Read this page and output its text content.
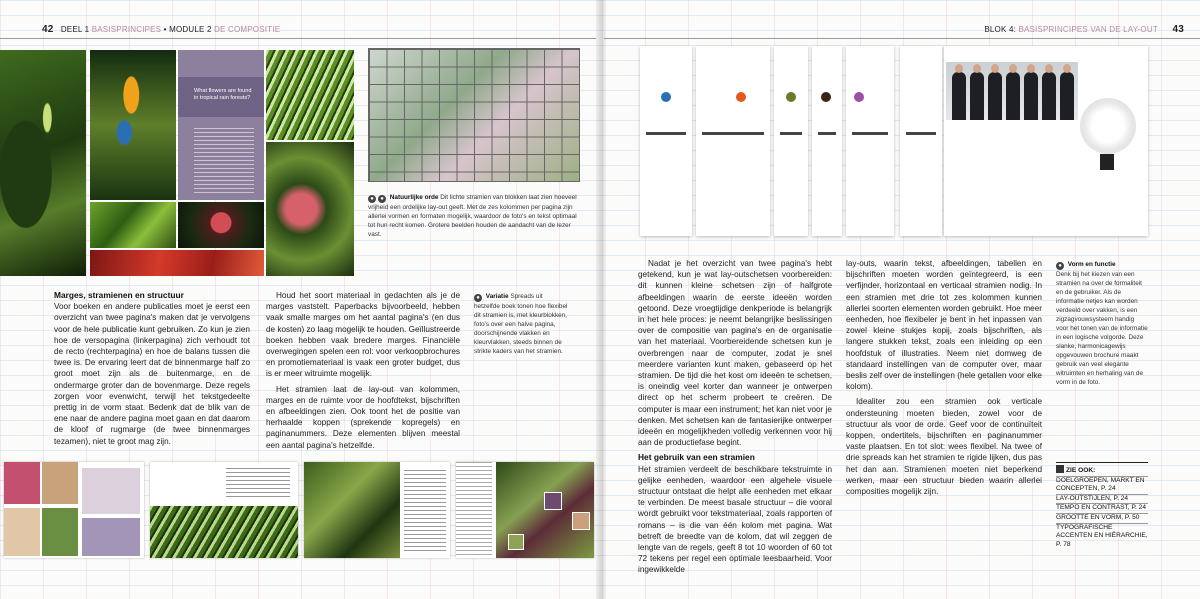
42 DEEL 1 BASISPRINCIPES • MODULE 2 DE COMPOSITIE
What flowers are found in tropical rain forests?
● ● Natuurlijke orde Dit lichte stramien van blokken laat zien hoeveel vrijheid een ordelijke lay-out geeft. Met de zes kolommen per pagina zijn allerlei vormen en formaten mogelijk, waardoor de foto's en tekst optimaal tot hun recht komen. Grotere beelden houden de aandacht van de lezer vast.
Marges, stramienen en structuur

Voor boeken en andere publicaties moet je eerst een overzicht van twee pagina's maken dat je vervolgens voor de hele publicatie kunt gebruiken. Zo kun je zien hoe de versopagina (linkerpagina) zich verhoudt tot de recto (rechterpagina) en hoe de balans tussen die twee is. De ervaring leert dat de binnenmarge half zo groot moet zijn als de buitenmarge, en de ondermarge groter dan de bovenmarge. Deze regels zorgen voor evenwicht, terwijl het tekstgedeelte prettig in de vorm staat. Bedenk dat de blik van de ene naar de andere pagina moet gaan en dat daarom de kloof of rugmarge (de twee binnenmarges tezamen), niet te groot mag zijn.

Houd het soort materiaal in gedachten als je de marges vaststelt. Paperbacks bijvoorbeeld, hebben vaak smalle marges om het aantal pagina's (en dus de kosten) zo laag mogelijk te houden. Geïllustreerde boeken hebben vaak bredere marges. Financiële overwegingen spelen een rol: voor verkoopbrochures en promotiemateriaal is vaak een groter budget, dus is er meer witruimte mogelijk.

Het stramien laat de lay-out van kolommen, marges en de ruimte voor de hoofdtekst, bijschriften en afbeeldingen zien. Ook toont het de positie van herhaalde koppen (sprekende kopregels) en paginanummers. Deze elementen blijven meestal een aantal pagina's hetzelfde.

● Variatie Spreads uit hetzelfde boek tonen hoe flexibel dit stramien is, met kleurblokken, foto's over een halve pagina, doorschijnende vlakken en kleurvlakken, steeds binnen de strikte kaders van het stramien.
BLOK 4: BASISPRINCIPES VAN DE LAY-OUT 43

Nadat je het overzicht van twee pagina's hebt getekend, kun je wat lay-outschetsen voorbereiden: dit kunnen kleine schetsen zijn of halfgrote afbeeldingen waarin de eerste ideeën worden getoond. Deze vroegtijdige denkperiode is belangrijk in het hele proces: je neemt belangrijke beslissingen over de compositie van pagina's en de organisatie van het materiaal. Voorbereidende schetsen kun je overbrengen naar de computer, zodat je snel meerdere varianten kunt maken, gebaseerd op het stramien. De tijd die het kost om ideeën te schetsen, is oneindig veel korter dan wanneer je ontwerpen direct op het scherm probeert te creëren. De computer is maar een instrument; het kan niet voor je denken. Met schetsen kan de fantasierijke ontwerper ideeën en mogelijkheden volledig verkennen voor hij aan de productiefase begint.

Het gebruik van een stramien

Het stramien verdeelt de beschikbare tekstruimte in gelijke eenheden, waardoor een algehele visuele structuur ontstaat die helpt alle eenheden met elkaar te verbinden. De meest basale structuur – die vooral wordt gebruikt voor tekstmateriaal, zoals rapporten of romans – is die van één kolom met pagina. Wat betreft de breedte van de kolom, dat wil zeggen de lengte van de regels, geeft 8 tot 10 woorden of 60 tot 72 tekens per regel een optimale leesbaarheid. Voor ingewikkelde

lay-outs, waarin tekst, afbeeldingen, tabellen en bijschriften moeten worden geïntegreerd, is een verfijnder, horizontaal en verticaal stramien nodig. In een stramien met drie tot zes kolommen kunnen allerlei soorten elementen worden gebruikt. Hoe meer eenheden, hoe flexibeler je bent in het inpassen van zowel kleine stukjes kopij, zoals bijschriften, als langere stukken tekst, zoals een inleiding op een hoofdstuk of illustraties. Neem niet domweg de standaard instellingen van de computer over, maar beslis zelf over de instellingen (hele getallen voor elke kolom).

Idealiter zou een stramien ook verticale ondersteuning moeten bieden, zowel voor de structuur als voor de orde. Geef voor de continuïteit koppen, ondertitels, bijschriften en paginanummer vaste plaatsen. En tot slot: wees flexibel. Na twee of drie spreads kan het stramien te rigide lijken, dus pas het dan aan. Stramienen moeten niet beperkend werken, maar een structuur bieden waarin allerlei composities mogelijk zijn.

● Vorm en functie
Denk bij het kiezen van een stramien na over de formaliteit en de gebruiker. Als de informatie netjes kan worden verdeeld over vakken, is een zigzagvouwsysteem handig voor het tonen van de informatie in een logische volgorde. Deze slanke, harmonicagewijs opgevouwen brochure maakt gebruik van veel elegante witruimten en herhaling van de vorm in de foto.
ZIE OOK:
DOELGROEPEN, MARKT EN CONCEPTEN, P. 24
LAY-OUTSTIJLEN, P. 24
TEMPO EN CONTRAST, P. 24
GROOTTE EN VORM, P. 50
TYPOGRAFISCHE ACCENTEN EN HIËRARCHIE, P. 78
